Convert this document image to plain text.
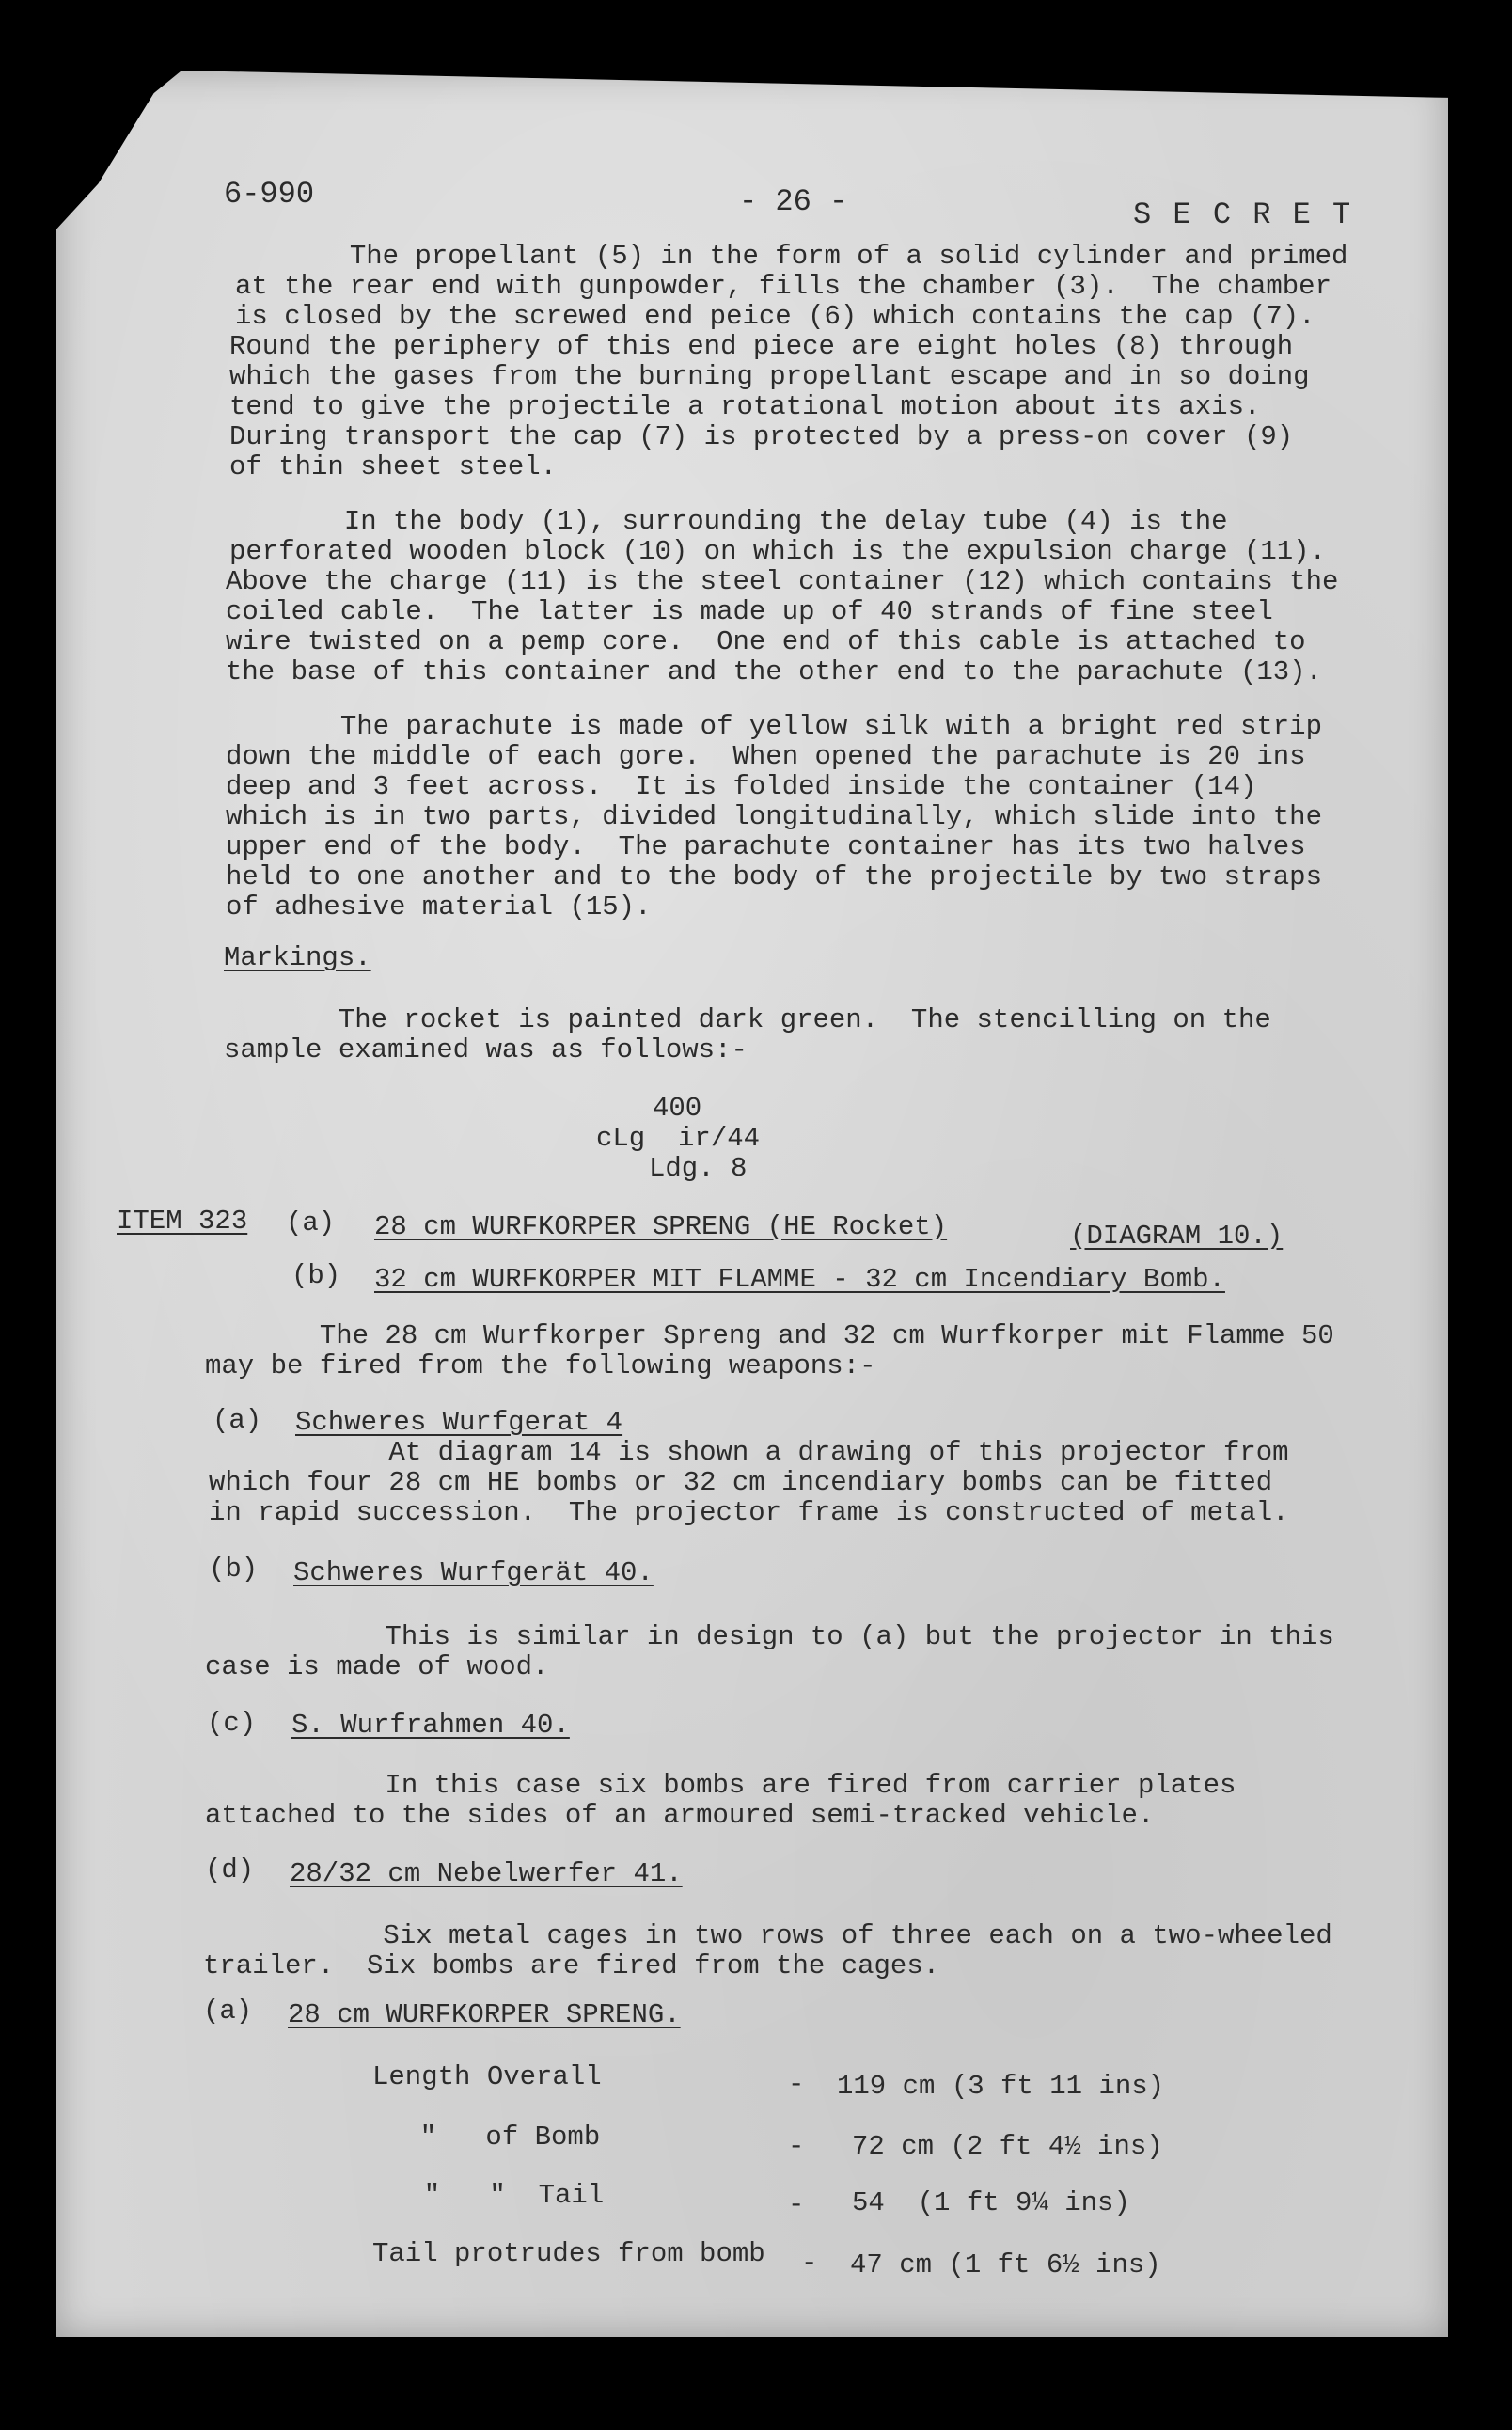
6-990	- 26 -	S E C R E T
The propellant (5) in the form of a solid cylinder and primed
at the rear end with gunpowder, fills the chamber (3).  The chamber
is closed by the screwed end peice (6) which contains the cap (7).
Round the periphery of this end piece are eight holes (8) through
which the gases from the burning propellant escape and in so doing
tend to give the projectile a rotational motion about its axis.
During transport the cap (7) is protected by a press-on cover (9)
of thin sheet steel.
In the body (1), surrounding the delay tube (4) is the
perforated wooden block (10) on which is the expulsion charge (11).
Above the charge (11) is the steel container (12) which contains the
coiled cable.  The latter is made up of 40 strands of fine steel
wire twisted on a pemp core.  One end of this cable is attached to
the base of this container and the other end to the parachute (13).
The parachute is made of yellow silk with a bright red strip
down the middle of each gore.  When opened the parachute is 20 ins
deep and 3 feet across.  It is folded inside the container (14)
which is in two parts, divided longitudinally, which slide into the
upper end of the body.  The parachute container has its two halves
held to one another and to the body of the projectile by two straps
of adhesive material (15).
Markings.
The rocket is painted dark green.  The stencilling on the
sample examined was as follows:-
400
cLg  ir/44
Ldg. 8
ITEM 323 (a) 28 cm WURFKORPER SPRENG (HE Rocket)	(DIAGRAM 10.)
(b) 32 cm WURFKORPER MIT FLAMME - 32 cm Incendiary Bomb.
The 28 cm Wurfkorper Spreng and 32 cm Wurfkorper mit Flamme 50
may be fired from the following weapons:-
(a) Schweres Wurfgerat 4
At diagram 14 is shown a drawing of this projector from
which four 28 cm HE bombs or 32 cm incendiary bombs can be fitted
in rapid succession.  The projector frame is constructed of metal.
(b) Schweres Wurfgerät 40.
This is similar in design to (a) but the projector in this
case is made of wood.
(c) S. Wurfrahmen 40.
In this case six bombs are fired from carrier plates
attached to the sides of an armoured semi-tracked vehicle.
(d) 28/32 cm Nebelwerfer 41.
Six metal cages in two rows of three each on a two-wheeled
trailer.  Six bombs are fired from the cages.
(a) 28 cm WURFKORPER SPRENG.
Length Overall	- 119 cm (3 ft 11 ins)
"   of Bomb	- 72 cm (2 ft 4½ ins)
"   "  Tail	- 54  (1 ft 9¼ ins)
Tail protrudes from bomb - 47 cm (1 ft 6½ ins)
